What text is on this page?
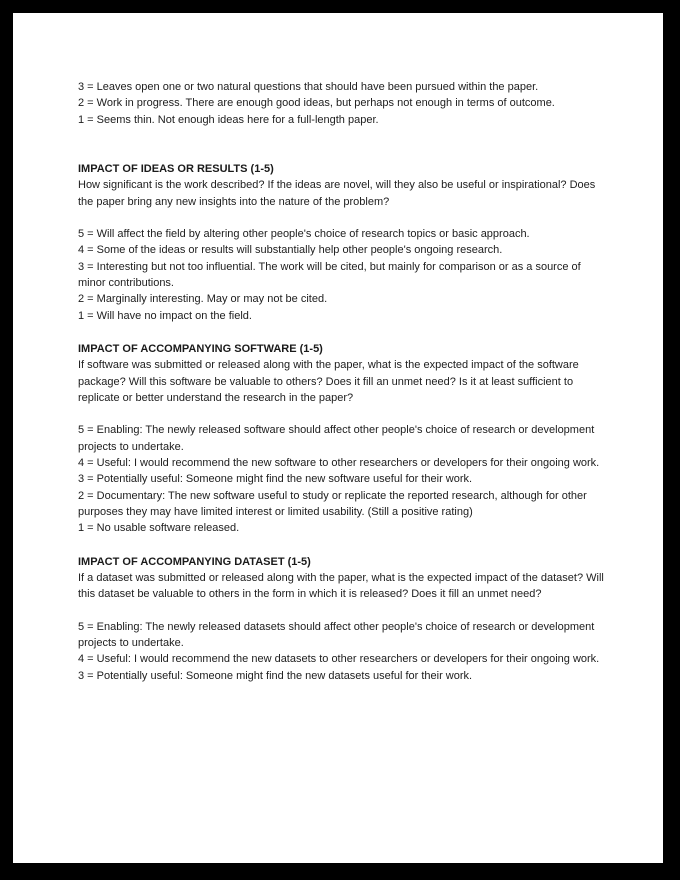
3 = Leaves open one or two natural questions that should have been pursued within the paper.

2 = Work in progress. There are enough good ideas, but perhaps not enough in terms of outcome.

1 = Seems thin. Not enough ideas here for a full-length paper.

IMPACT OF IDEAS OR RESULTS (1-5)

How significant is the work described? If the ideas are novel, will they also be useful or inspirational? Does the paper bring any new insights into the nature of the problem?

5 = Will affect the field by altering other people's choice of research topics or basic approach.

4 = Some of the ideas or results will substantially help other people's ongoing research.

3 = Interesting but not too influential. The work will be cited, but mainly for comparison or as a source of minor contributions.

2 = Marginally interesting. May or may not be cited.

1 = Will have no impact on the field.

IMPACT OF ACCOMPANYING SOFTWARE (1-5)

If software was submitted or released along with the paper, what is the expected impact of the software package? Will this software be valuable to others? Does it fill an unmet need? Is it at least sufficient to replicate or better understand the research in the paper?

5 = Enabling: The newly released software should affect other people's choice of research or development projects to undertake.

4 = Useful: I would recommend the new software to other researchers or developers for their ongoing work.

3 = Potentially useful: Someone might find the new software useful for their work.

2 = Documentary: The new software useful to study or replicate the reported research, although for other purposes they may have limited interest or limited usability. (Still a positive rating)

1 = No usable software released.

IMPACT OF ACCOMPANYING DATASET (1-5)

If a dataset was submitted or released along with the paper, what is the expected impact of the dataset? Will this dataset be valuable to others in the form in which it is released? Does it fill an unmet need?

5 = Enabling: The newly released datasets should affect other people's choice of research or development projects to undertake.

4 = Useful: I would recommend the new datasets to other researchers or developers for their ongoing work.

3 = Potentially useful: Someone might find the new datasets useful for their work.
